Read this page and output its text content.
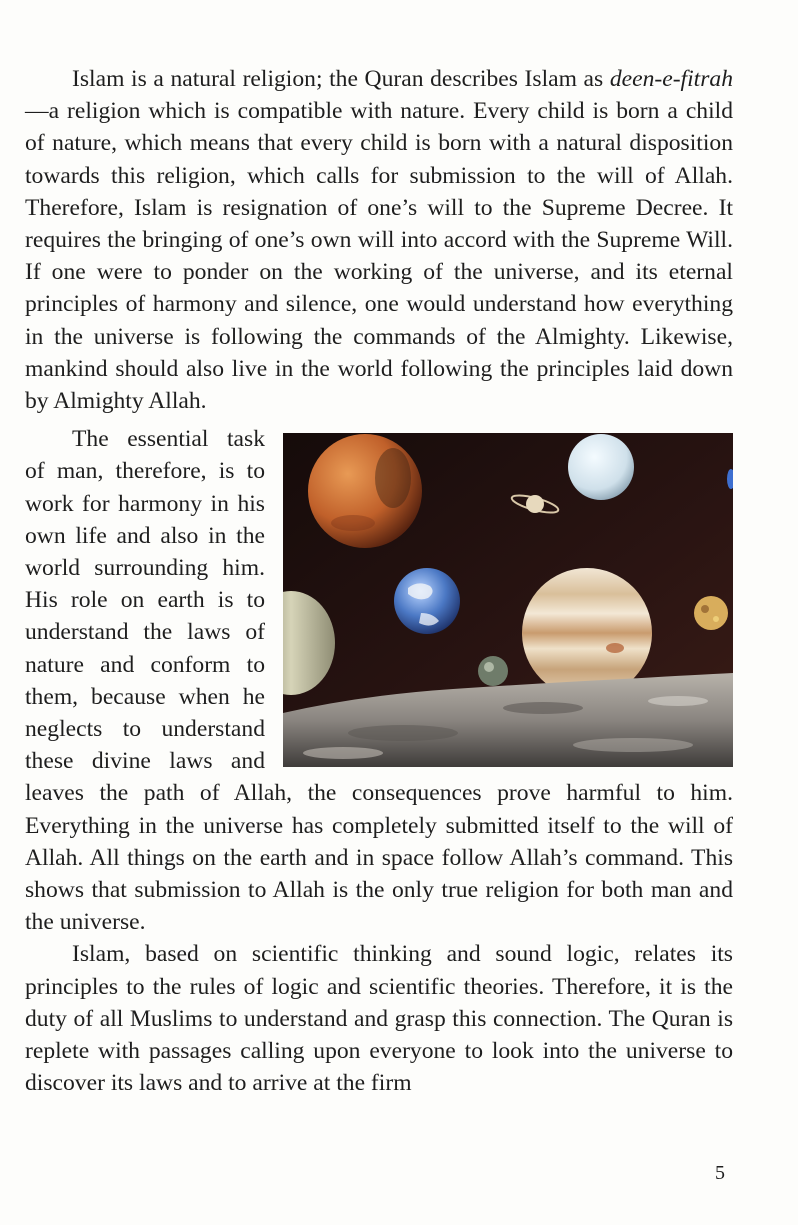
Islam is a natural religion; the Quran describes Islam as deen-e-fitrah—a religion which is compatible with nature. Every child is born a child of nature, which means that every child is born with a natural disposition towards this religion, which calls for submission to the will of Allah. Therefore, Islam is resignation of one’s will to the Supreme Decree. It requires the bringing of one’s own will into accord with the Supreme Will. If one were to ponder on the working of the universe, and its eternal principles of harmony and silence, one would understand how everything in the universe is following the commands of the Almighty. Likewise, mankind should also live in the world following the principles laid down by Almighty Allah.

The essential task of man, therefore, is to work for harmony in his own life and also in the world surrounding him. His role on earth is to understand the laws of nature and conform to them, because when he neglects to understand these divine laws and leaves the path of Allah, the consequences prove harmful to him. Everything in the universe has completely submitted itself to the will of Allah. All things on the earth and in space follow Allah’s command. This shows that submission to Allah is the only true religion for both man and the universe.

Islam, based on scientific thinking and sound logic, relates its principles to the rules of logic and scientific theories. Therefore, it is the duty of all Muslims to understand and grasp this connection. The Quran is replete with passages calling upon everyone to look into the universe to discover its laws and to arrive at the firm

5
